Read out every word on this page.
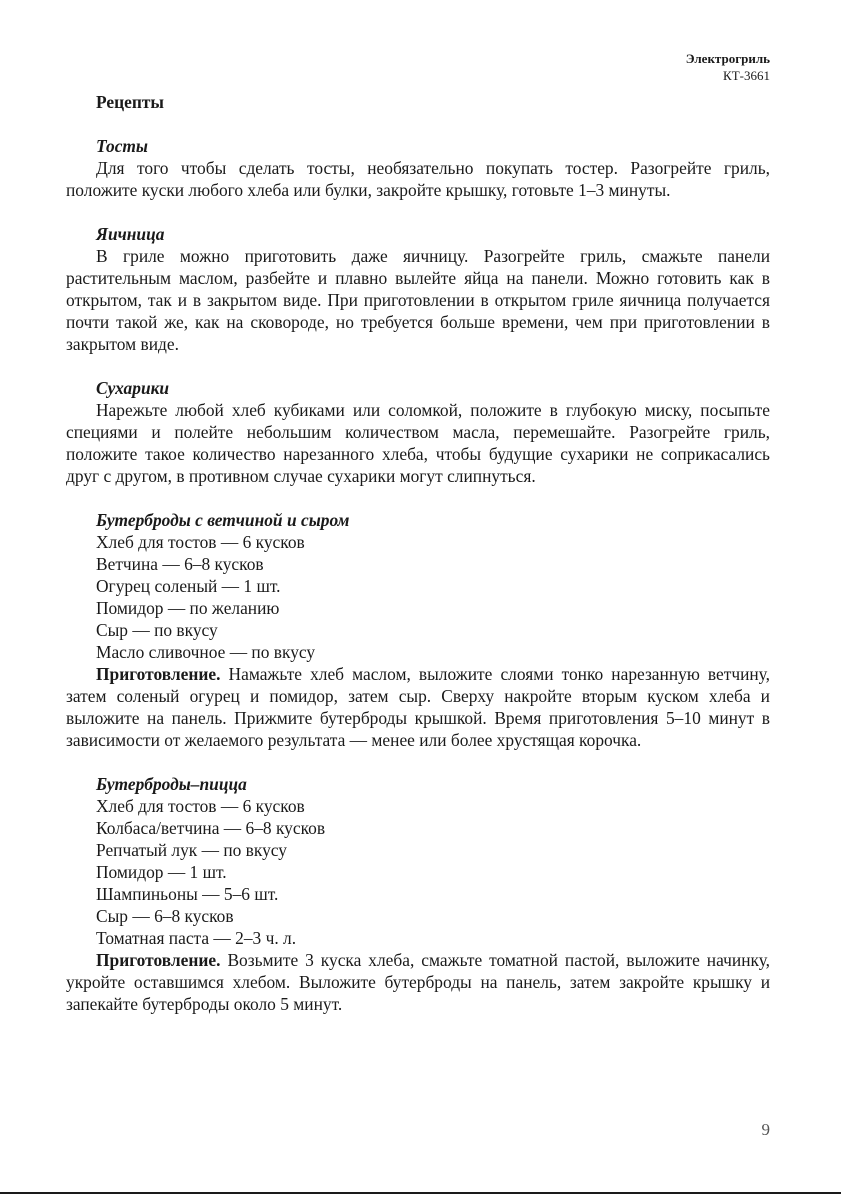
Электрогриль
КТ-3661
Рецепты
Тосты

Для того чтобы сделать тосты, необязательно покупать тостер. Разогрейте гриль, положите куски любого хлеба или булки, закройте крышку, готовьте 1–3 минуты.

Яичница

В гриле можно приготовить даже яичницу. Разогрейте гриль, смажьте панели растительным маслом, разбейте и плавно вылейте яйца на панели. Можно готовить как в открытом, так и в закрытом виде. При приготовлении в открытом гриле яичница получается почти такой же, как на сковороде, но требуется больше времени, чем при приготовлении в закрытом виде.

Сухарики

Нарежьте любой хлеб кубиками или соломкой, положите в глубокую миску, посыпьте специями и полейте небольшим количеством масла, перемешайте. Разогрейте гриль, положите такое количество нарезанного хлеба, чтобы будущие сухарики не соприкасались друг с другом, в противном случае сухарики могут слипнуться.

Бутерброды с ветчиной и сыром
Хлеб для тостов — 6 кусков
Ветчина — 6–8 кусков
Огурец соленый — 1 шт.
Помидор — по желанию
Сыр — по вкусу
Масло сливочное — по вкусу

Приготовление. Намажьте хлеб маслом, выложите слоями тонко нарезанную ветчину, затем соленый огурец и помидор, затем сыр. Сверху накройте вторым куском хлеба и выложите на панель. Прижмите бутерброды крышкой. Время приготовления 5–10 минут в зависимости от желаемого результата — менее или более хрустящая корочка.

Бутерброды–пицца
Хлеб для тостов — 6 кусков
Колбаса/ветчина — 6–8 кусков
Репчатый лук — по вкусу
Помидор — 1 шт.
Шампиньоны — 5–6 шт.
Сыр — 6–8 кусков
Томатная паста — 2–3 ч. л.

Приготовление. Возьмите 3 куска хлеба, смажьте томатной пастой, выложите начинку, укройте оставшимся хлебом. Выложите бутерброды на панель, затем закройте крышку и запекайте бутерброды около 5 минут.

9
